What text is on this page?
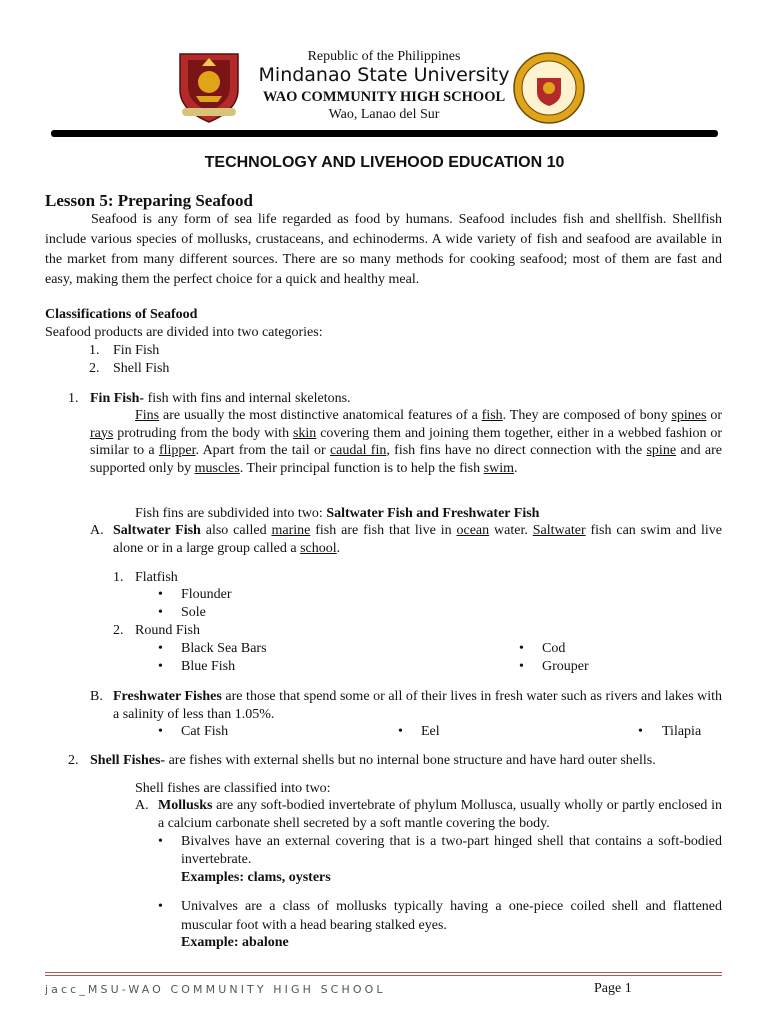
Republic of the Philippines
Mindanao State University
WAO COMMUNITY HIGH SCHOOL
Wao, Lanao del Sur
TECHNOLOGY AND LIVEHOOD EDUCATION 10
Lesson 5: Preparing Seafood
Seafood is any form of sea life regarded as food by humans. Seafood includes fish and shellfish. Shellfish include various species of mollusks, crustaceans, and echinoderms. A wide variety of fish and seafood are available in the market from many different sources. There are so many methods for cooking seafood; most of them are fast and easy, making them the perfect choice for a quick and healthy meal.
Classifications of Seafood
Seafood products are divided into two categories:
1. Fin Fish
2. Shell Fish
1. Fin Fish- fish with fins and internal skeletons.
Fins are usually the most distinctive anatomical features of a fish. They are composed of bony spines or rays protruding from the body with skin covering them and joining them together, either in a webbed fashion or similar to a flipper. Apart from the tail or caudal fin, fish fins have no direct connection with the spine and are supported only by muscles. Their principal function is to help the fish swim.
Fish fins are subdivided into two: Saltwater Fish and Freshwater Fish
A. Saltwater Fish also called marine fish are fish that live in ocean water. Saltwater fish can swim and live alone or in a large group called a school.
1. Flatfish
•
Flounder
•
Sole
2. Round Fish
•
Black Sea Bars •	Cod
•
Blue Fish •	Grouper
B. Freshwater Fishes are those that spend some or all of their lives in fresh water such as rivers and lakes with a salinity of less than 1.05%.
•
Cat Fish •	Eel •	Tilapia
2. Shell Fishes- are fishes with external shells but no internal bone structure and have hard outer shells.
Shell fishes are classified into two:
A. Mollusks are any soft-bodied invertebrate of phylum Mollusca, usually wholly or partly enclosed in a calcium carbonate shell secreted by a soft mantle covering the body.
•
Bivalves have an external covering that is a two-part hinged shell that contains a soft-bodied invertebrate.
Examples: clams, oysters
•
Univalves are a class of mollusks typically having a one-piece coiled shell and flattened muscular foot with a head bearing stalked eyes.
Example: abalone
jacc_MSU-WAO COMMUNITY HIGH SCHOOL	Page 1
